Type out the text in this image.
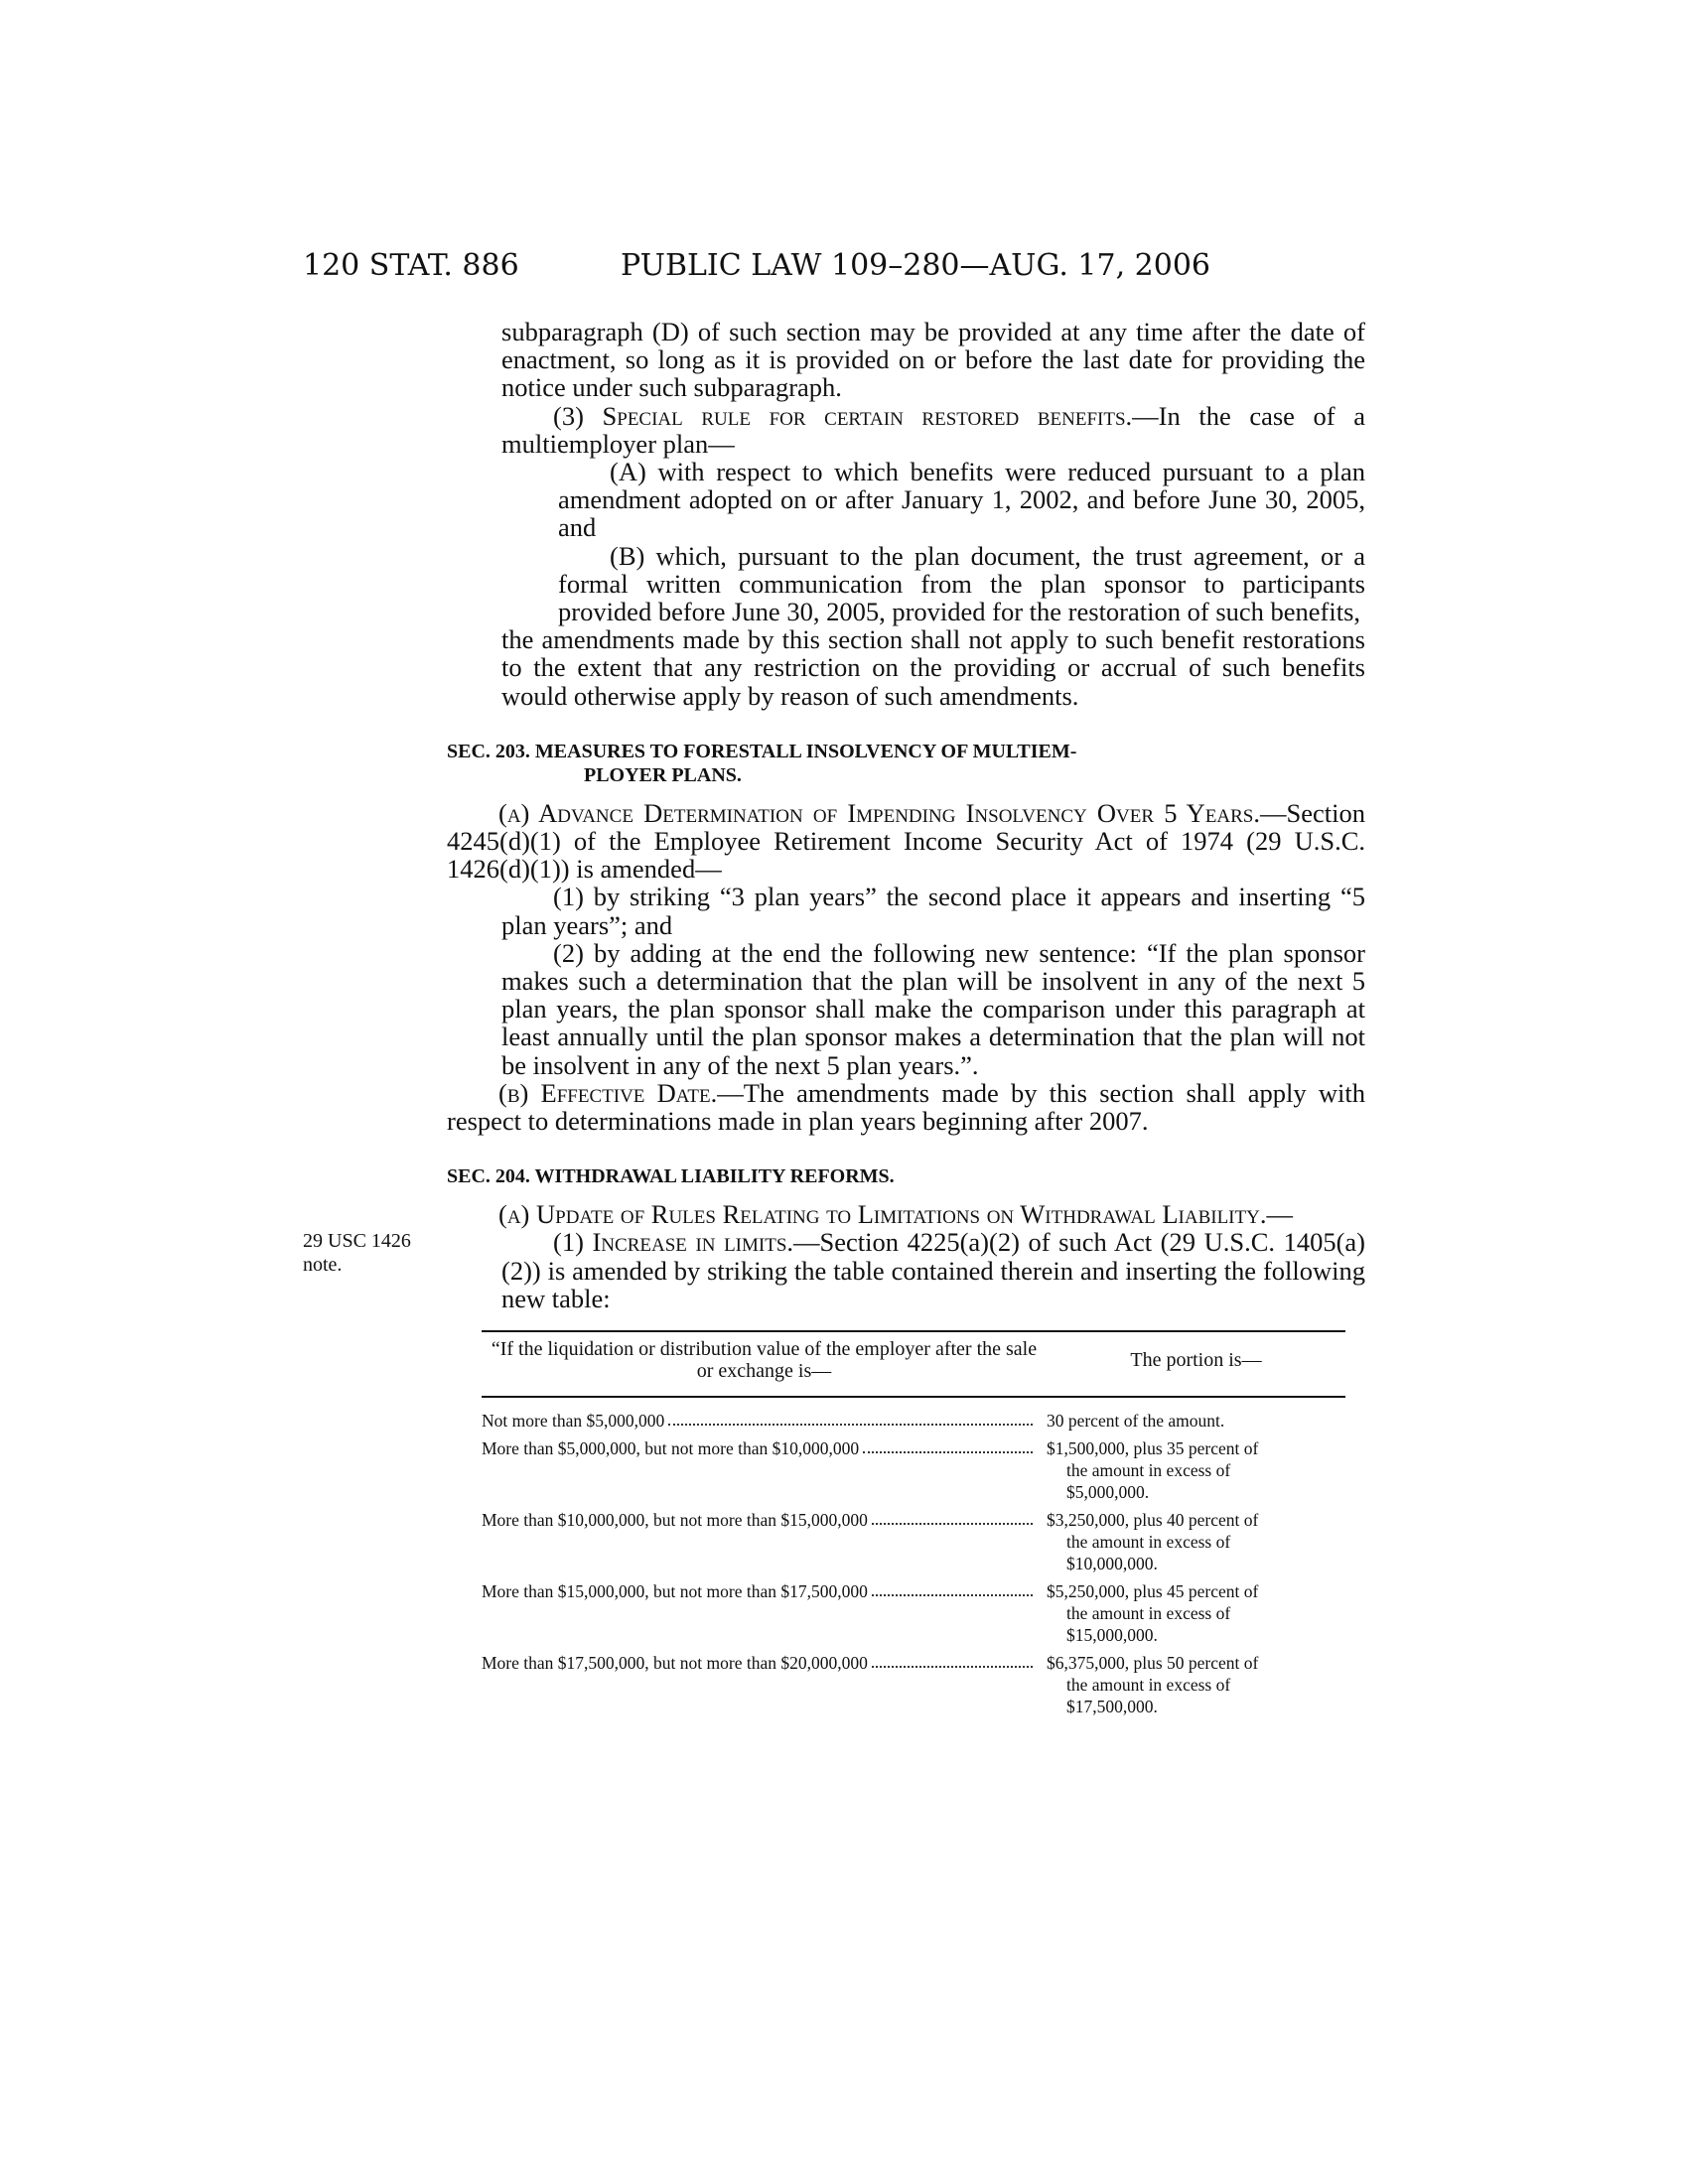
120 STAT. 886	PUBLIC LAW 109–280—AUG. 17, 2006
29 USC 1426
note.

subparagraph (D) of such section may be provided at any time after the date of enactment, so long as it is provided on or before the last date for providing the notice under such subparagraph.

(3) Special rule for certain restored benefits.—In the case of a multiemployer plan—

(A) with respect to which benefits were reduced pursuant to a plan amendment adopted on or after January 1, 2002, and before June 30, 2005, and

(B) which, pursuant to the plan document, the trust agreement, or a formal written communication from the plan sponsor to participants provided before June 30, 2005, provided for the restoration of such benefits,

the amendments made by this section shall not apply to such benefit restorations to the extent that any restriction on the providing or accrual of such benefits would otherwise apply by reason of such amendments.

SEC. 203. MEASURES TO FORESTALL INSOLVENCY OF MULTIEM-
PLOYER PLANS.

(a) Advance Determination of Impending Insolvency Over 5 Years.—Section 4245(d)(1) of the Employee Retirement Income Security Act of 1974 (29 U.S.C. 1426(d)(1)) is amended—

(1) by striking “3 plan years” the second place it appears and inserting “5 plan years”; and

(2) by adding at the end the following new sentence: “If the plan sponsor makes such a determination that the plan will be insolvent in any of the next 5 plan years, the plan sponsor shall make the comparison under this paragraph at least annually until the plan sponsor makes a determination that the plan will not be insolvent in any of the next 5 plan years.”.

(b) Effective Date.—The amendments made by this section shall apply with respect to determinations made in plan years beginning after 2007.

SEC. 204. WITHDRAWAL LIABILITY REFORMS.

(a) Update of Rules Relating to Limitations on Withdrawal Liability.—

(1) Increase in limits.—Section 4225(a)(2) of such Act (29 U.S.C. 1405(a)(2)) is amended by striking the table contained therein and inserting the following new table:

“If the liquidation or distribution value of the employer after the sale or exchange is—	The portion is—

Not more than $5,000,000	30 percent of the amount.

More than $5,000,000, but not more than $10,000,000	$1,500,000, plus 35 percent of
the amount in excess of
$5,000,000.

More than $10,000,000, but not more than $15,000,000	$3,250,000, plus 40 percent of
the amount in excess of
$10,000,000.

More than $15,000,000, but not more than $17,500,000	$5,250,000, plus 45 percent of
the amount in excess of
$15,000,000.

More than $17,500,000, but not more than $20,000,000	$6,375,000, plus 50 percent of
the amount in excess of
$17,500,000.
